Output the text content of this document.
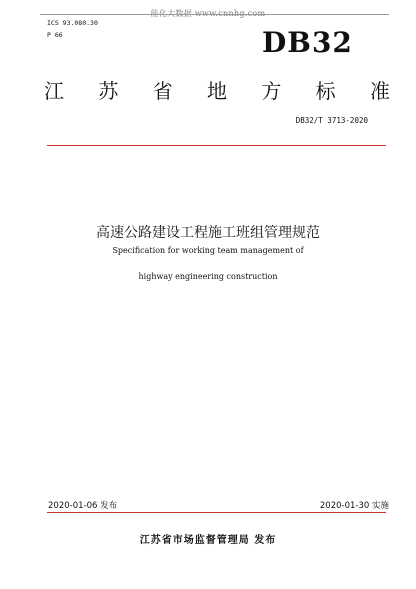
能化大数据 www.cnnhg.com
ICS 93.080.30
P 66	DB32
江 苏 省 地 方 标 准
DB32/T 3713-2020
高速公路建设工程施工班组管理规范
Specification for working team management of
highway engineering construction
2020-01-06 发布	2020-01-30 实施
江苏省市场监督管理局 发布
